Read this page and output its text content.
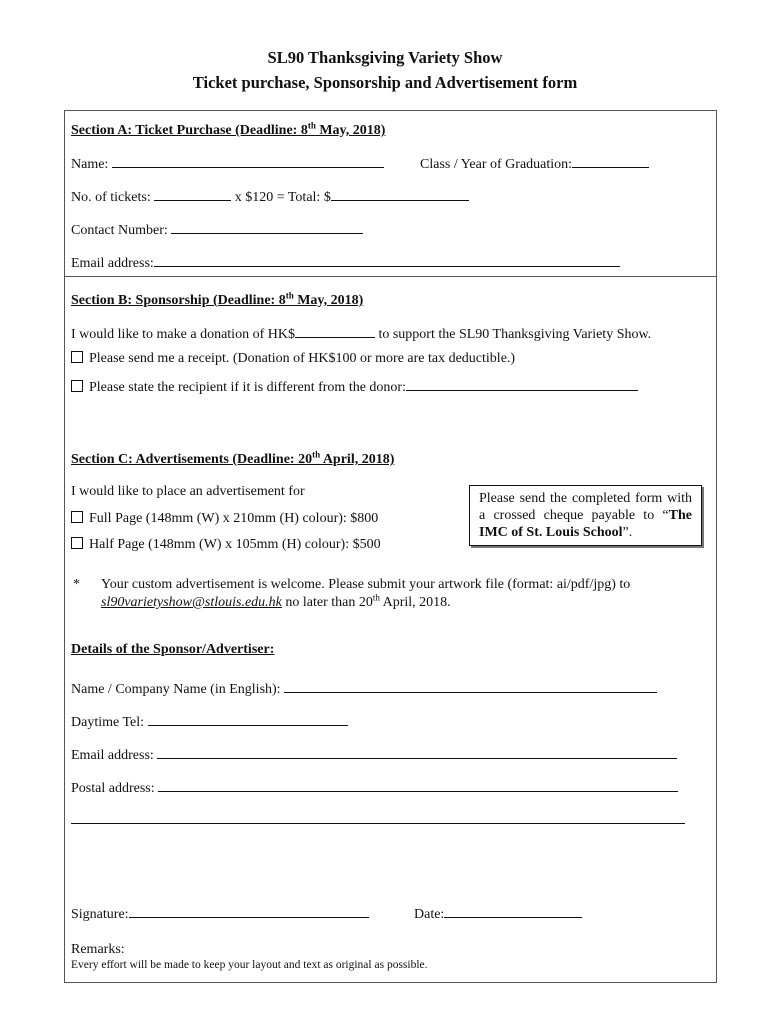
SL90 Thanksgiving Variety Show
Ticket purchase, Sponsorship and Advertisement form
Section A: Ticket Purchase (Deadline: 8th May, 2018)
Name:	Class / Year of Graduation:
No. of tickets:	x $120 = Total: $
Contact Number:
Email address:
Section B: Sponsorship (Deadline: 8th May, 2018)
I would like to make a donation of HK$	to support the SL90 Thanksgiving Variety Show.
Please send me a receipt. (Donation of HK$100 or more are tax deductible.)
Please state the recipient if it is different from the donor:
Section C: Advertisements (Deadline: 20th April, 2018)
I would like to place an advertisement for
Full Page (148mm (W) x 210mm (H) colour): $800
Half Page (148mm (W) x 105mm (H) colour): $500
Please send the completed form with a crossed cheque payable to “The IMC of St. Louis School”.
* Your custom advertisement is welcome. Please submit your artwork file (format: ai/pdf/jpg) to
sl90varietyshow@stlouis.edu.hk no later than 20th April, 2018.
Details of the Sponsor/Advertiser:
Name / Company Name (in English):
Daytime Tel:
Email address:
Postal address:
Signature:	Date:
Remarks:
Every effort will be made to keep your layout and text as original as possible.
